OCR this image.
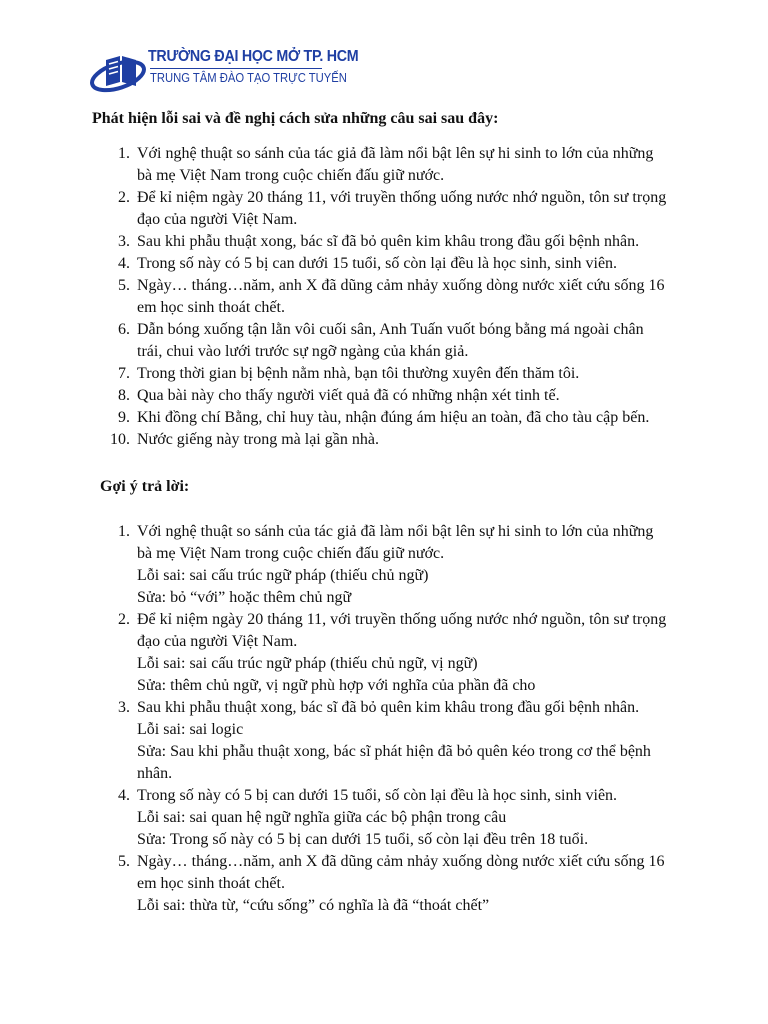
TRƯỜNG ĐẠI HỌC MỞ TP. HCM
TRUNG TÂM ĐÀO TẠO TRỰC TUYẾN
Phát hiện lỗi sai và đề nghị cách sửa những câu sai sau đây:
1. Với nghệ thuật so sánh của tác giả đã làm nổi bật lên sự hi sinh to lớn của những
bà mẹ Việt Nam trong cuộc chiến đấu giữ nước.
2. Để kỉ niệm ngày 20 tháng 11, với truyền thống uống nước nhớ nguồn, tôn sư trọng
đạo của người Việt Nam.
3. Sau khi phẫu thuật xong, bác sĩ đã bỏ quên kim khâu trong đầu gối bệnh nhân.
4. Trong số này có 5 bị can dưới 15 tuổi, số còn lại đều là học sinh, sinh viên.
5. Ngày… tháng…năm, anh X đã dũng cảm nhảy xuống dòng nước xiết cứu sống 16
em học sinh thoát chết.
6. Dẫn bóng xuống tận lằn vôi cuối sân, Anh Tuấn vuốt bóng bằng má ngoài chân
trái, chui vào lưới trước sự ngỡ ngàng của khán giả.
7. Trong thời gian bị bệnh nằm nhà, bạn tôi thường xuyên đến thăm tôi.
8. Qua bài này cho thấy người viết quả đã có những nhận xét tinh tế.
9. Khi đồng chí Bằng, chỉ huy tàu, nhận đúng ám hiệu an toàn, đã cho tàu cập bến.
10. Nước giếng này trong mà lại gần nhà.
Gợi ý trả lời:
1. Với nghệ thuật so sánh của tác giả đã làm nổi bật lên sự hi sinh to lớn của những
bà mẹ Việt Nam trong cuộc chiến đấu giữ nước.
Lỗi sai: sai cấu trúc ngữ pháp (thiếu chủ ngữ)
Sửa: bỏ “với” hoặc thêm chủ ngữ
2. Để kỉ niệm ngày 20 tháng 11, với truyền thống uống nước nhớ nguồn, tôn sư trọng
đạo của người Việt Nam.
Lỗi sai: sai cấu trúc ngữ pháp (thiếu chủ ngữ, vị ngữ)
Sửa: thêm chủ ngữ, vị ngữ phù hợp với nghĩa của phần đã cho
3. Sau khi phẫu thuật xong, bác sĩ đã bỏ quên kim khâu trong đầu gối bệnh nhân.
Lỗi sai: sai logic
Sửa: Sau khi phẫu thuật xong, bác sĩ phát hiện đã bỏ quên kéo trong cơ thể bệnh
nhân.
4. Trong số này có 5 bị can dưới 15 tuổi, số còn lại đều là học sinh, sinh viên.
Lỗi sai: sai quan hệ ngữ nghĩa giữa các bộ phận trong câu
Sửa: Trong số này có 5 bị can dưới 15 tuổi, số còn lại đều trên 18 tuổi.
5. Ngày… tháng…năm, anh X đã dũng cảm nhảy xuống dòng nước xiết cứu sống 16
em học sinh thoát chết.
Lỗi sai: thừa từ, “cứu sống” có nghĩa là đã “thoát chết”
